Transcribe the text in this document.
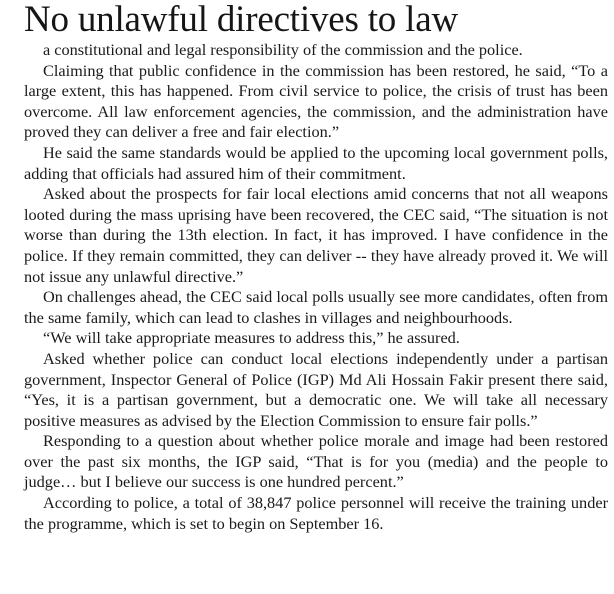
No unlawful directives to law

a constitutional and legal responsibility of the commission and the police.

Claiming that public confidence in the commission has been restored, he said, “To a large extent, this has happened. From civil service to police, the crisis of trust has been overcome. All law enforcement agencies, the commission, and the administration have proved they can deliver a free and fair election.”

He said the same standards would be applied to the upcoming local government polls, adding that officials had assured him of their commitment.

Asked about the prospects for fair local elections amid concerns that not all weapons looted during the mass uprising have been recovered, the CEC said, “The situation is not worse than during the 13th election. In fact, it has improved. I have confidence in the police. If they remain committed, they can deliver -- they have already proved it. We will not issue any unlawful directive.”

On challenges ahead, the CEC said local polls usually see more candidates, often from the same family, which can lead to clashes in villages and neighbourhoods.

“We will take appropriate measures to address this,” he assured.

Asked whether police can conduct local elections independently under a partisan government, Inspector General of Police (IGP) Md Ali Hossain Fakir present there said, “Yes, it is a partisan government, but a democratic one. We will take all necessary positive measures as advised by the Election Commission to ensure fair polls.”

Responding to a question about whether police morale and image had been restored over the past six months, the IGP said, “That is for you (media) and the people to judge… but I believe our success is one hundred percent.”

According to police, a total of 38,847 police personnel will receive the training under the programme, which is set to begin on September 16.
